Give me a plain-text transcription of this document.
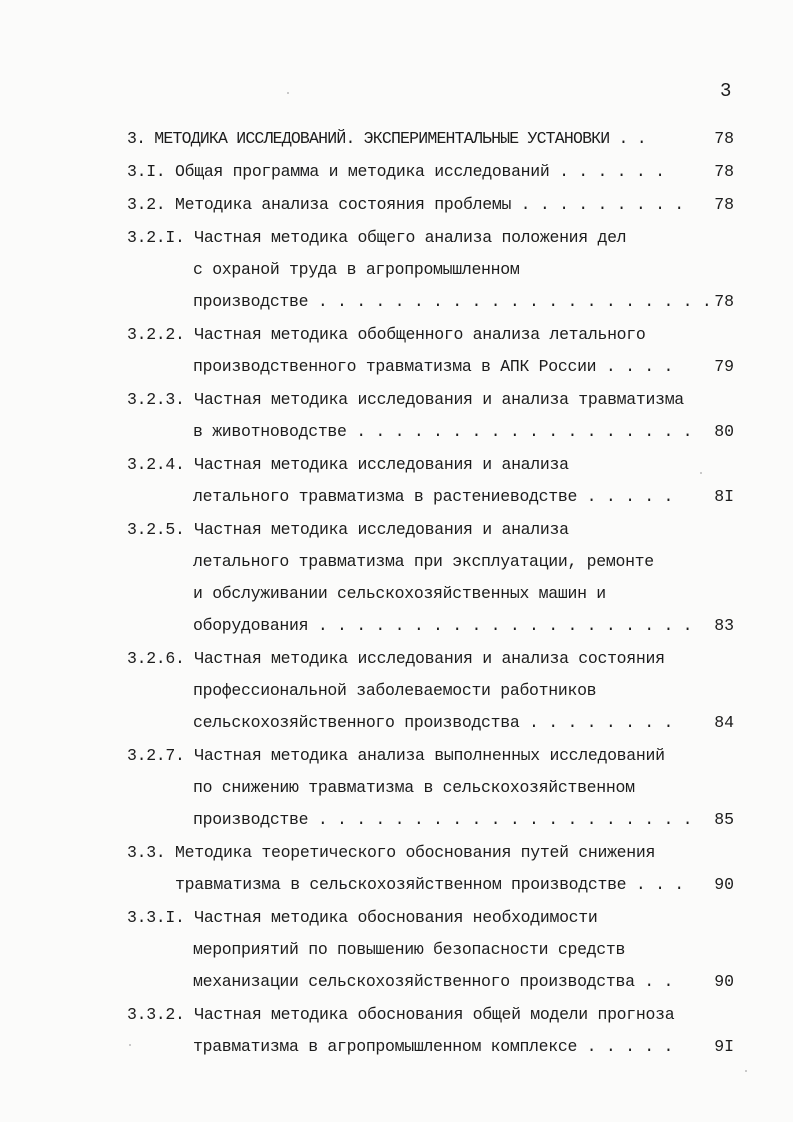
3
3. МЕТОДИКА ИССЛЕДОВАНИЙ. ЭКСПЕРИМЕНТАЛЬНЫЕ УСТАНОВКИ . .	78
3.I. Общая программа и методика исследований . . . . . .	78
3.2. Методика анализа состояния проблемы . . . . . . . . .	78
3.2.I. Частная методика общего анализа положения дел
с охраной труда в агропромышленном
производстве . . . . . . . . . . . . . . . . . . . . . 78
3.2.2. Частная методика обобщенного анализа летального
производственного травматизма в АПК России . . . .	79
3.2.3. Частная методика исследования и анализа травматизма
в животноводстве . . . . . . . . . . . . . . . . . .	80
3.2.4. Частная методика исследования и анализа
летального травматизма в растениеводстве . . . . .	8I
3.2.5. Частная методика исследования и анализа
летального травматизма при эксплуатации, ремонте
и обслуживании сельскохозяйственных машин и
оборудования . . . . . . . . . . . . . . . . . . . .	83
3.2.6. Частная методика исследования и анализа состояния
профессиональной заболеваемости работников
сельскохозяйственного производства . . . . . . . .	84
3.2.7. Частная методика анализа выполненных исследований
по снижению травматизма в сельскохозяйственном
производстве . . . . . . . . . . . . . . . . . . . .	85
3.3. Методика теоретического обоснования путей снижения
травматизма в сельскохозяйственном производстве . . .	90
3.3.I. Частная методика обоснования необходимости
мероприятий по повышению безопасности средств
механизации сельскохозяйственного производства . .	90
3.3.2. Частная методика обоснования общей модели прогноза
травматизма в агропромышленном комплексе . . . . .	9I
